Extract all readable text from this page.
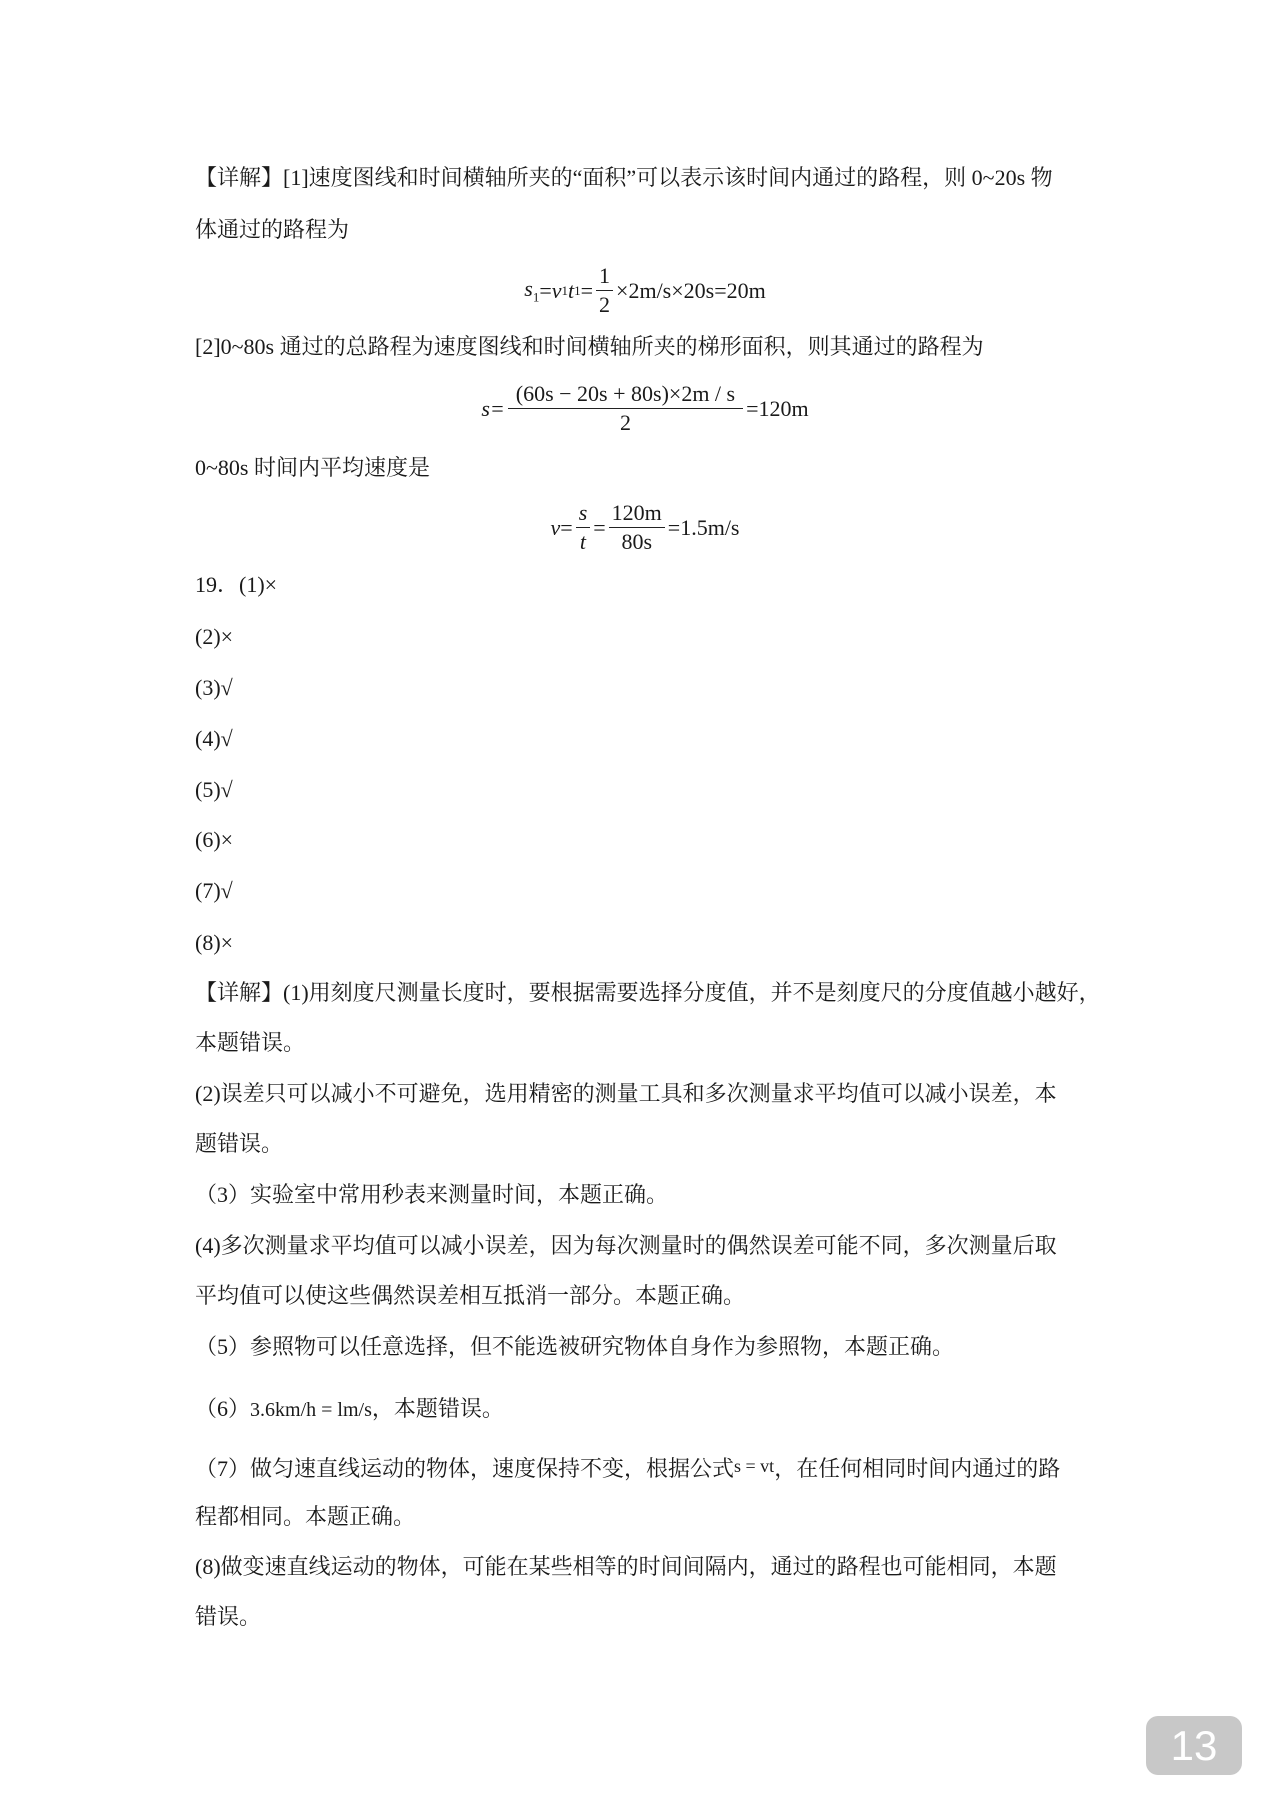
【详解】[1]速度图线和时间横轴所夹的“面积”可以表示该时间内通过的路程，则 0~20s 物
体通过的路程为
$s_1 = v$ 1 t $1 = \frac{1}{2} \times 2m/s\times 20s=20m$
[2]0~80s 通过的总路程为速度图线和时间横轴所夹的梯形面积，则其通过的路程为
$s= \frac{(60s - 20s + 80s)\times 2m / s}{2} =120m$
0~80s 时间内平均速度是
$v = \frac{s}{t} = \frac{120m}{80s} =1.5m/s$
19．(1)×
(2)×
(3)√
(4)√
(5)√
(6)×
(7)√
(8)×
【详解】(1)用刻度尺测量长度时，要根据需要选择分度值，并不是刻度尺的分度值越小越好，
本题错误。
(2)误差只可以减小不可避免，选用精密的测量工具和多次测量求平均值可以减小误差，本
题错误。
（3）实验室中常用秒表来测量时间，本题正确。
(4)多次测量求平均值可以减小误差，因为每次测量时的偶然误差可能不同，多次测量后取
平均值可以使这些偶然误差相互抵消一部分。本题正确。
（5）参照物可以任意选择，但不能选被研究物体自身作为参照物，本题正确。
（6）3.6km/h = lm/s，本题错误。
（7）做匀速直线运动的物体，速度保持不变，根据公式s = vt，在任何相同时间内通过的路
程都相同。本题正确。
(8)做变速直线运动的物体，可能在某些相等的时间间隔内，通过的路程也可能相同，本题
错误。
13
